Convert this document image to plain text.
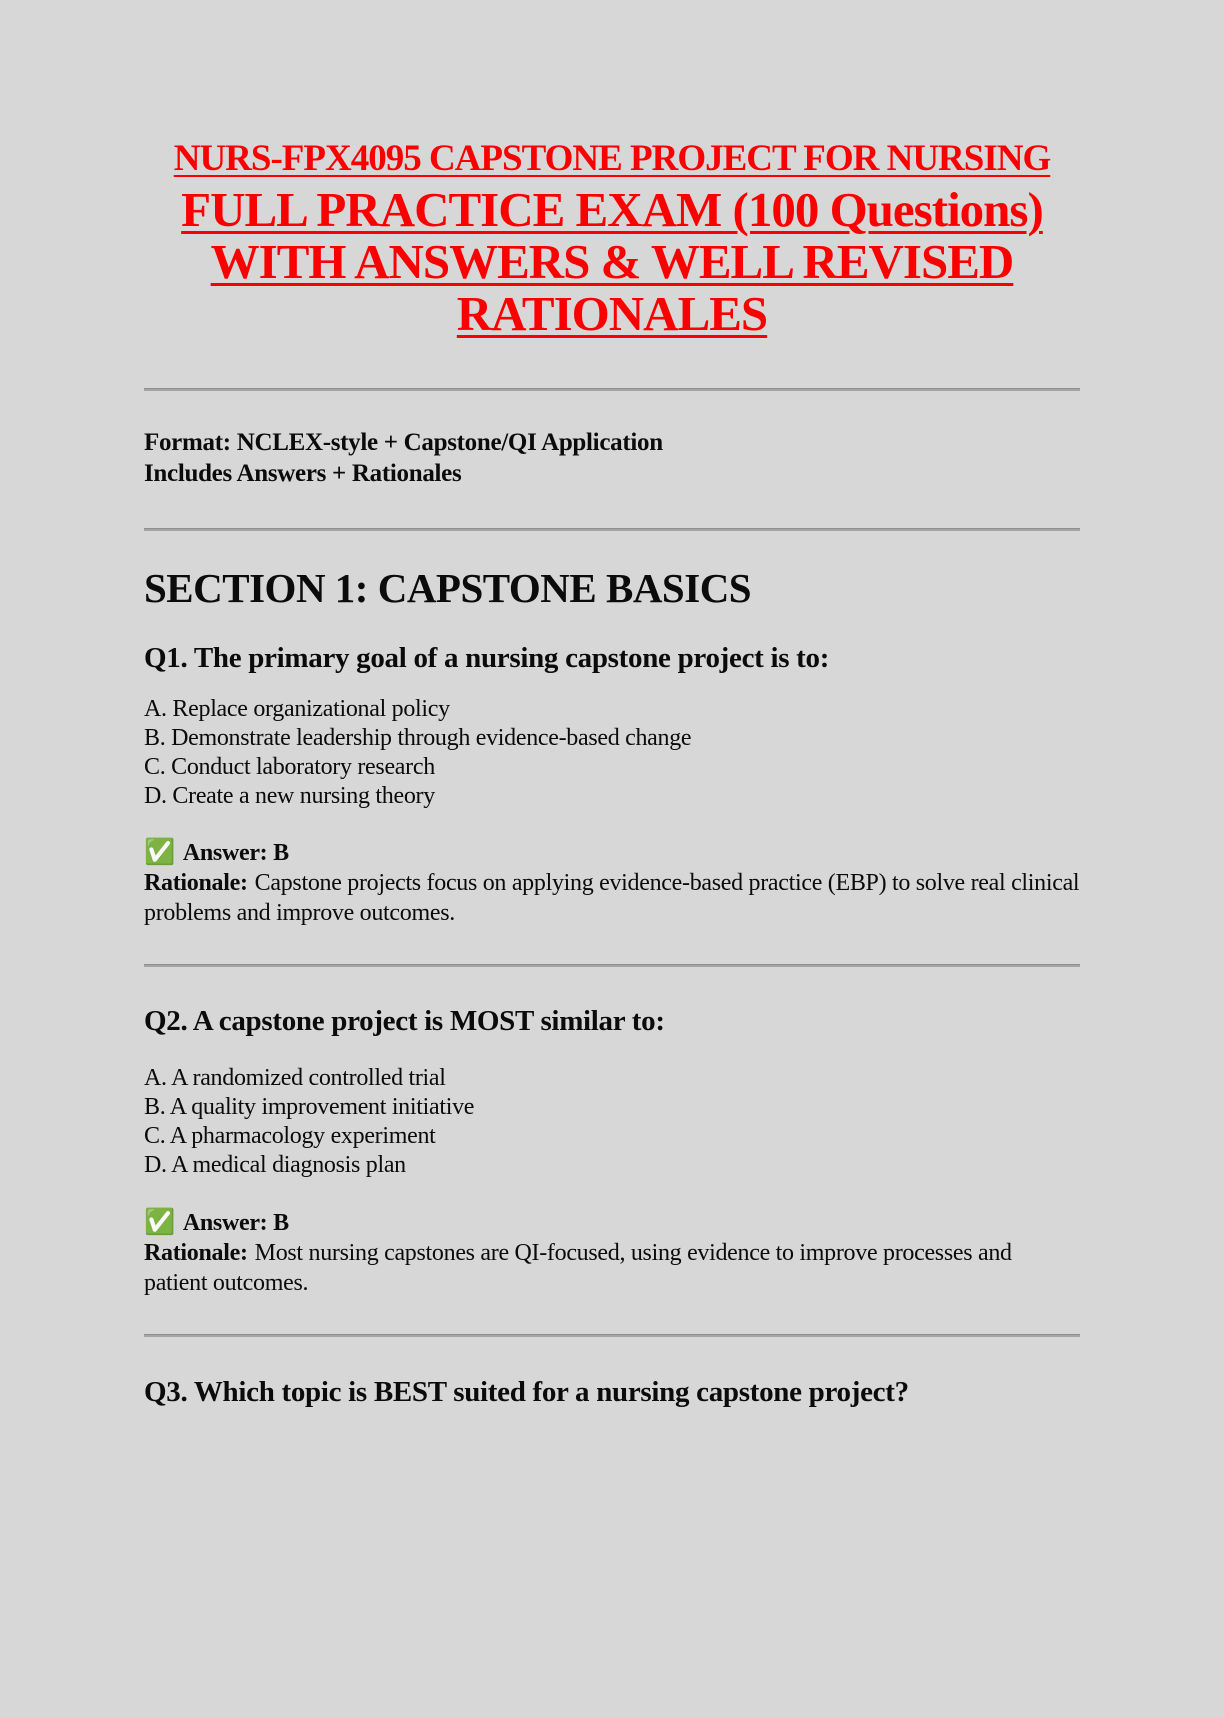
NURS-FPX4095 CAPSTONE PROJECT FOR NURSING
FULL PRACTICE EXAM (100 Questions)
WITH ANSWERS & WELL REVISED
RATIONALES
Format: NCLEX-style + Capstone/QI Application
Includes Answers + Rationales
SECTION 1: CAPSTONE BASICS
Q1. The primary goal of a nursing capstone project is to:
A. Replace organizational policy
B. Demonstrate leadership through evidence-based change
C. Conduct laboratory research
D. Create a new nursing theory
✅ Answer: B
Rationale: Capstone projects focus on applying evidence-based practice (EBP) to solve real clinical problems and improve outcomes.
Q2. A capstone project is MOST similar to:
A. A randomized controlled trial
B. A quality improvement initiative
C. A pharmacology experiment
D. A medical diagnosis plan
✅ Answer: B
Rationale: Most nursing capstones are QI-focused, using evidence to improve processes and patient outcomes.
Q3. Which topic is BEST suited for a nursing capstone project?
